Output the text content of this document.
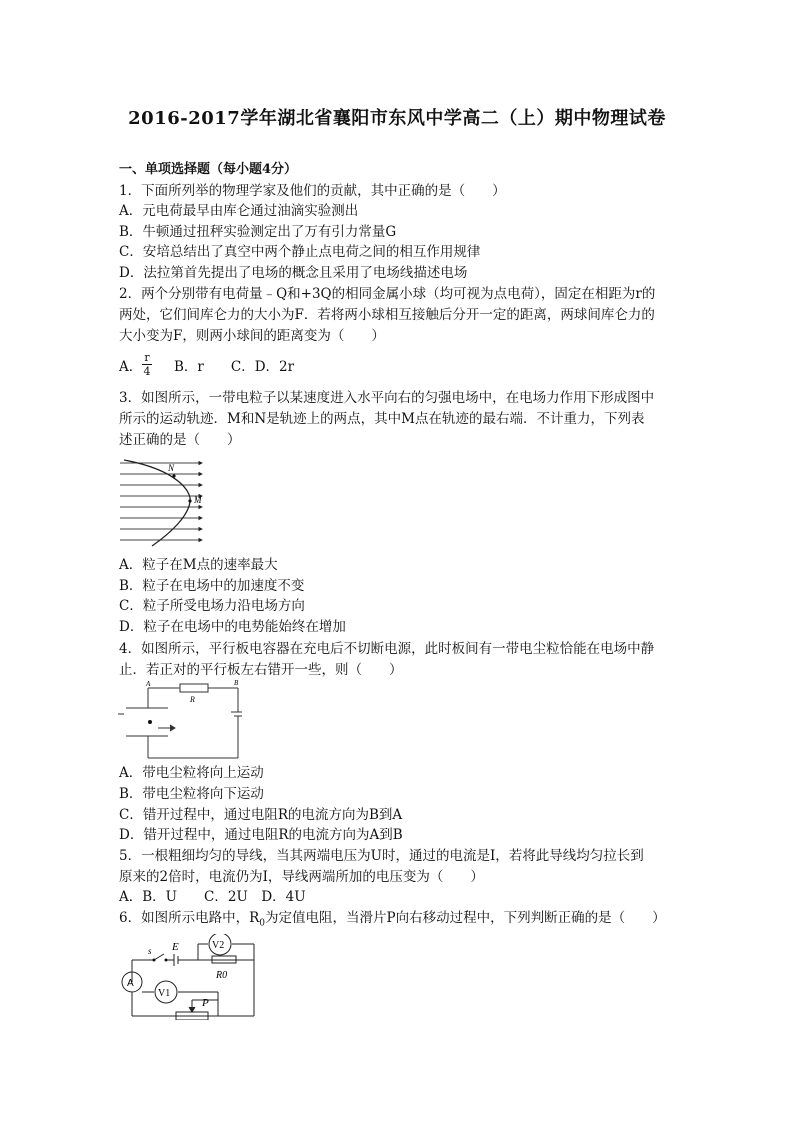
2016-2017学年湖北省襄阳市东风中学高二（上）期中物理试卷
一、单项选择题（每小题4分）
1．下面所列举的物理学家及他们的贡献，其中正确的是（　　）
A．元电荷最早由库仑通过油滴实验测出
B．牛顿通过扭秤实验测定出了万有引力常量G
C．安培总结出了真空中两个静止点电荷之间的相互作用规律
D．法拉第首先提出了电场的概念且采用了电场线描述电场
2．两个分别带有电荷量﹣Q和+3Q的相同金属小球（均可视为点电荷），固定在相距为r的
两处，它们间库仑力的大小为F．若将两小球相互接触后分开一定的距离，两球间库仑力的
大小变为F，则两小球间的距离变为（　　）
A．
r
4 B．r　　C．D．2r
3．如图所示，一带电粒子以某速度进入水平向右的匀强电场中，在电场力作用下形成图中
所示的运动轨迹．M和N是轨迹上的两点，其中M点在轨迹的最右端．不计重力，下列表
述正确的是（　　）
N
M
A．粒子在M点的速率最大
B．粒子在电场中的加速度不变
C．粒子所受电场力沿电场方向
D．粒子在电场中的电势能始终在增加
4．如图所示，平行板电容器在充电后不切断电源，此时板间有一带电尘粒恰能在电场中静
止．若正对的平行板左右错开一些，则（　　）
A
R
B
A．带电尘粒将向上运动
B．带电尘粒将向下运动
C．错开过程中，通过电阻R的电流方向为B到A
D．错开过程中，通过电阻R的电流方向为A到B
5．一根粗细均匀的导线，当其两端电压为U时，通过的电流是I，若将此导线均匀拉长到
原来的2倍时，电流仍为I，导线两端所加的电压变为（　　）
A．B．U　　C．2U　D．4U
6．如图所示电路中，$R_0$为定值电阻，当滑片P向右移动过程中，下列判断正确的是（　　）
s E	V2
R0
A
V1
P
